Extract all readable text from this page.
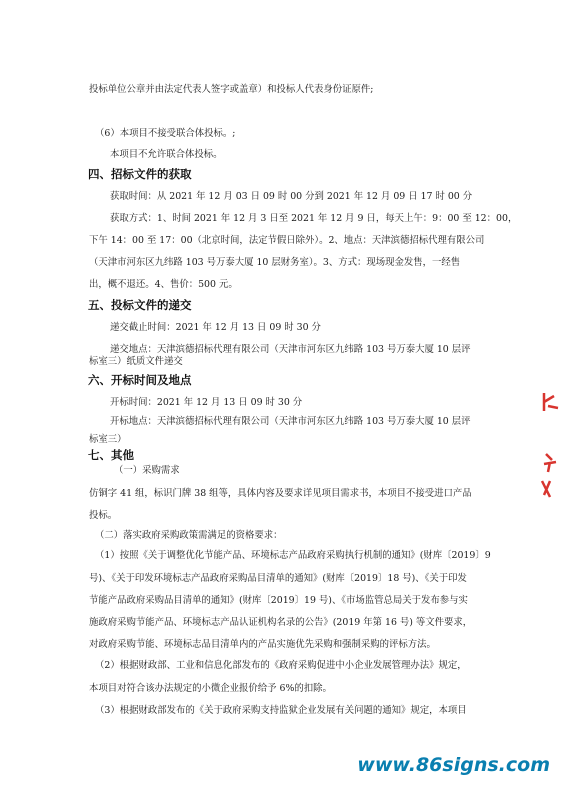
投标单位公章并由法定代表人签字或盖章）和投标人代表身份证原件;
（6）本项目不接受联合体投标。;
本项目不允许联合体投标。
四、招标文件的获取
获取时间：从 2021 年 12 月 03 日 09 时 00 分到 2021 年 12 月 09 日 17 时 00 分
获取方式：1、时间 2021 年 12 月 3 日至 2021 年 12 月 9 日，每天上午：9：00 至 12：00，
下午 14：00 至 17：00（北京时间，法定节假日除外）。2、地点：天津滨德招标代理有限公司
（天津市河东区九纬路 103 号万泰大厦 10 层财务室）。3、方式：现场现金发售，一经售
出，概不退还。4、售价：500 元。
五、投标文件的递交
递交截止时间：2021 年 12 月 13 日 09 时 30 分
递交地点：天津滨德招标代理有限公司（天津市河东区九纬路 103 号万泰大厦 10 层评
标室三）纸质文件递交
六、开标时间及地点
开标时间：2021 年 12 月 13 日 09 时 30 分
开标地点：天津滨德招标代理有限公司（天津市河东区九纬路 103 号万泰大厦 10 层评
标室三）
七、其他
（一）采购需求
仿铜字 41 组，标识门牌 38 组等，具体内容及要求详见项目需求书，本项目不接受进口产品
投标。
（二）落实政府采购政策需满足的资格要求：
（1）按照《关于调整优化节能产品、环境标志产品政府采购执行机制的通知》(财库〔2019〕9
号)、《关于印发环境标志产品政府采购品目清单的通知》(财库〔2019〕18 号)、《关于印发
节能产品政府采购品目清单的通知》(财库〔2019〕19 号)、《市场监管总局关于发布参与实
施政府采购节能产品、环境标志产品认证机构名录的公告》(2019 年第 16 号) 等文件要求，
对政府采购节能、环境标志品目清单内的产品实施优先采购和强制采购的评标方法。
（2）根据财政部、工业和信息化部发布的《政府采购促进中小企业发展管理办法》规定，
本项目对符合该办法规定的小微企业报价给予 6%的扣除。
（3）根据财政部发布的《关于政府采购支持监狱企业发展有关问题的通知》规定，本项目
www.86signs.com
